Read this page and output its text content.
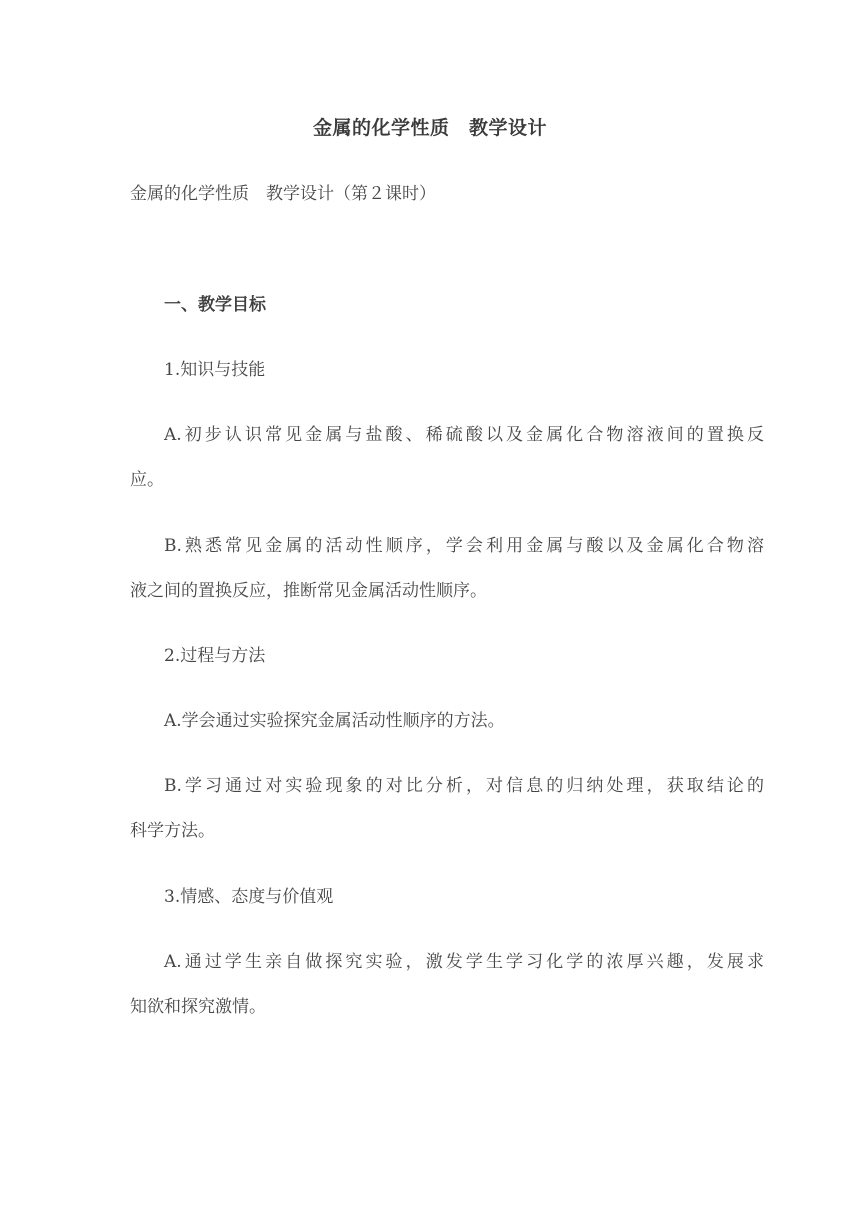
金属的化学性质　教学设计
金属的化学性质　教学设计（第２课时）
一、教学目标
1.知识与技能
A.初步认识常见金属与盐酸、稀硫酸以及金属化合物溶液间的置换反
应。
B.熟悉常见金属的活动性顺序，学会利用金属与酸以及金属化合物溶
液之间的置换反应，推断常见金属活动性顺序。
2.过程与方法
A.学会通过实验探究金属活动性顺序的方法。
B.学习通过对实验现象的对比分析，对信息的归纳处理，获取结论的
科学方法。
3.情感、态度与价值观
A.通过学生亲自做探究实验，激发学生学习化学的浓厚兴趣，发展求
知欲和探究激情。
